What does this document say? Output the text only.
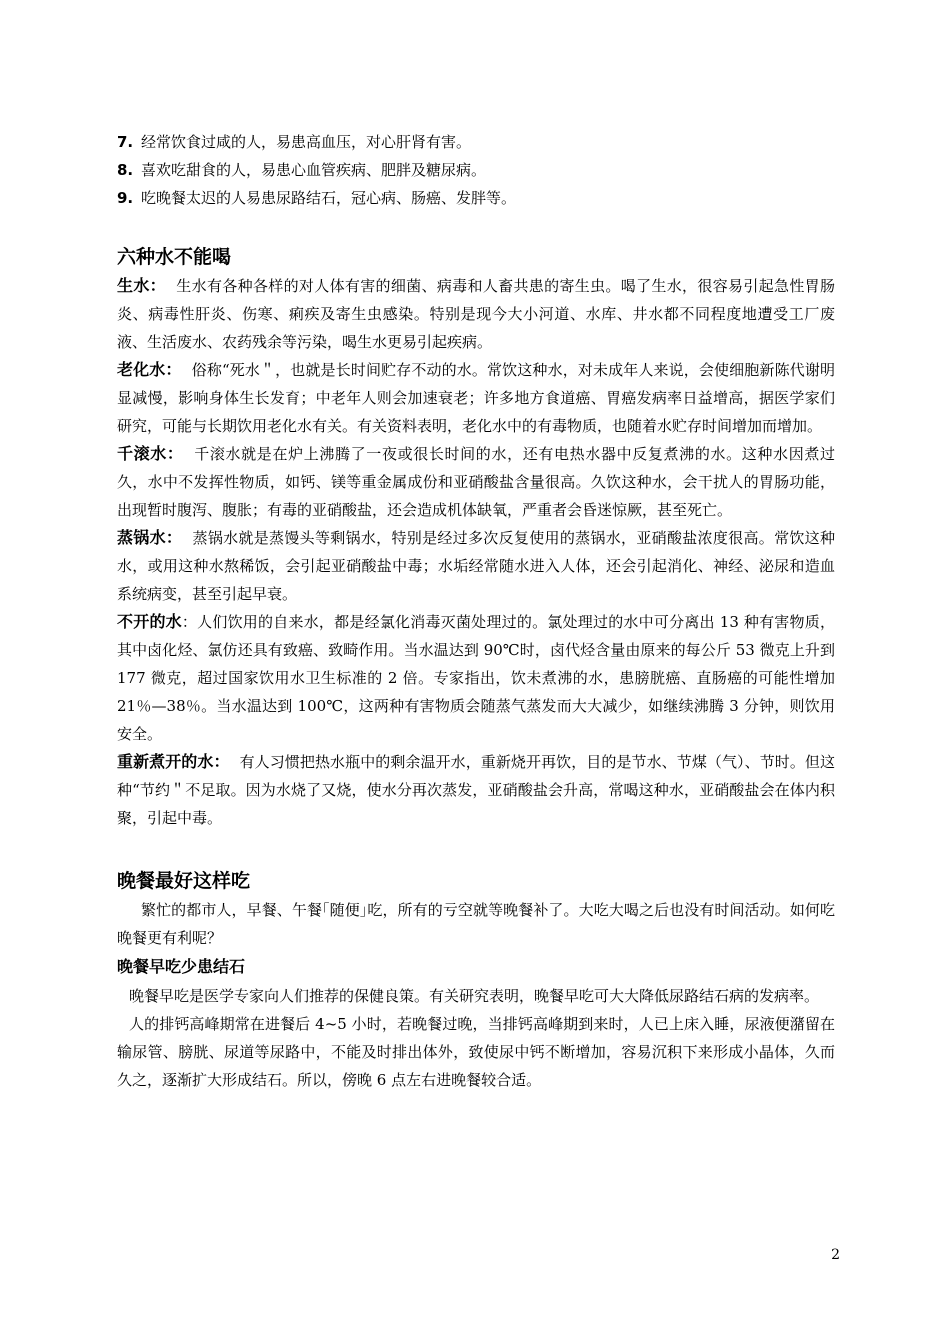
7. 经常饮食过咸的人，易患高血压，对心肝肾有害。
8. 喜欢吃甜食的人，易患心血管疾病、肥胖及糖尿病。
9. 吃晚餐太迟的人易患尿路结石，冠心病、肠癌、发胖等。
六种水不能喝

生水： 生水有各种各样的对人体有害的细菌、病毒和人畜共患的寄生虫。喝了生水，很容易引起急性胃肠炎、病毒性肝炎、伤寒、痢疾及寄生虫感染。特别是现今大小河道、水库、井水都不同程度地遭受工厂废液、生活废水、农药残余等污染，喝生水更易引起疾病。

老化水： 俗称“死水＂，也就是长时间贮存不动的水。常饮这种水，对未成年人来说，会使细胞新陈代谢明显减慢，影响身体生长发育；中老年人则会加速衰老；许多地方食道癌、胃癌发病率日益增高，据医学家们研究，可能与长期饮用老化水有关。有关资料表明，老化水中的有毒物质，也随着水贮存时间增加而增加。

千滚水： 千滚水就是在炉上沸腾了一夜或很长时间的水，还有电热水器中反复煮沸的水。这种水因煮过久，水中不发挥性物质，如钙、镁等重金属成份和亚硝酸盐含量很高。久饮这种水，会干扰人的胃肠功能，出现暂时腹泻、腹胀；有毒的亚硝酸盐，还会造成机体缺氧，严重者会昏迷惊厥，甚至死亡。

蒸锅水： 蒸锅水就是蒸馒头等剩锅水，特别是经过多次反复使用的蒸锅水，亚硝酸盐浓度很高。常饮这种水，或用这种水熬稀饭，会引起亚硝酸盐中毒；水垢经常随水进入人体，还会引起消化、神经、泌尿和造血系统病变，甚至引起早衰。

不开的水：人们饮用的自来水，都是经氯化消毒灭菌处理过的。氯处理过的水中可分离出 13 种有害物质，其中卤化烃、氯仿还具有致癌、致畸作用。当水温达到 90℃时，卤代烃含量由原来的每公斤 53 微克上升到 177 微克，超过国家饮用水卫生标准的 2 倍。专家指出，饮未煮沸的水，患膀胱癌、直肠癌的可能性增加 21％—38％。当水温达到 100℃，这两种有害物质会随蒸气蒸发而大大减少，如继续沸腾 3 分钟，则饮用安全。

重新煮开的水： 有人习惯把热水瓶中的剩余温开水，重新烧开再饮，目的是节水、节煤（气）、节时。但这种“节约＂不足取。因为水烧了又烧，使水分再次蒸发，亚硝酸盐会升高，常喝这种水，亚硝酸盐会在体内积聚，引起中毒。

晚餐最好这样吃

繁忙的都市人，早餐、午餐｢随便｣吃，所有的亏空就等晚餐补了。大吃大喝之后也没有时间活动。如何吃晚餐更有利呢？

晚餐早吃少患结石

晚餐早吃是医学专家向人们推荐的保健良策。有关研究表明，晚餐早吃可大大降低尿路结石病的发病率。

人的排钙高峰期常在进餐后 4~5 小时，若晚餐过晚，当排钙高峰期到来时，人已上床入睡，尿液便潴留在输尿管、膀胱、尿道等尿路中，不能及时排出体外，致使尿中钙不断增加，容易沉积下来形成小晶体，久而久之，逐渐扩大形成结石。所以，傍晚 6 点左右进晚餐较合适。

2
